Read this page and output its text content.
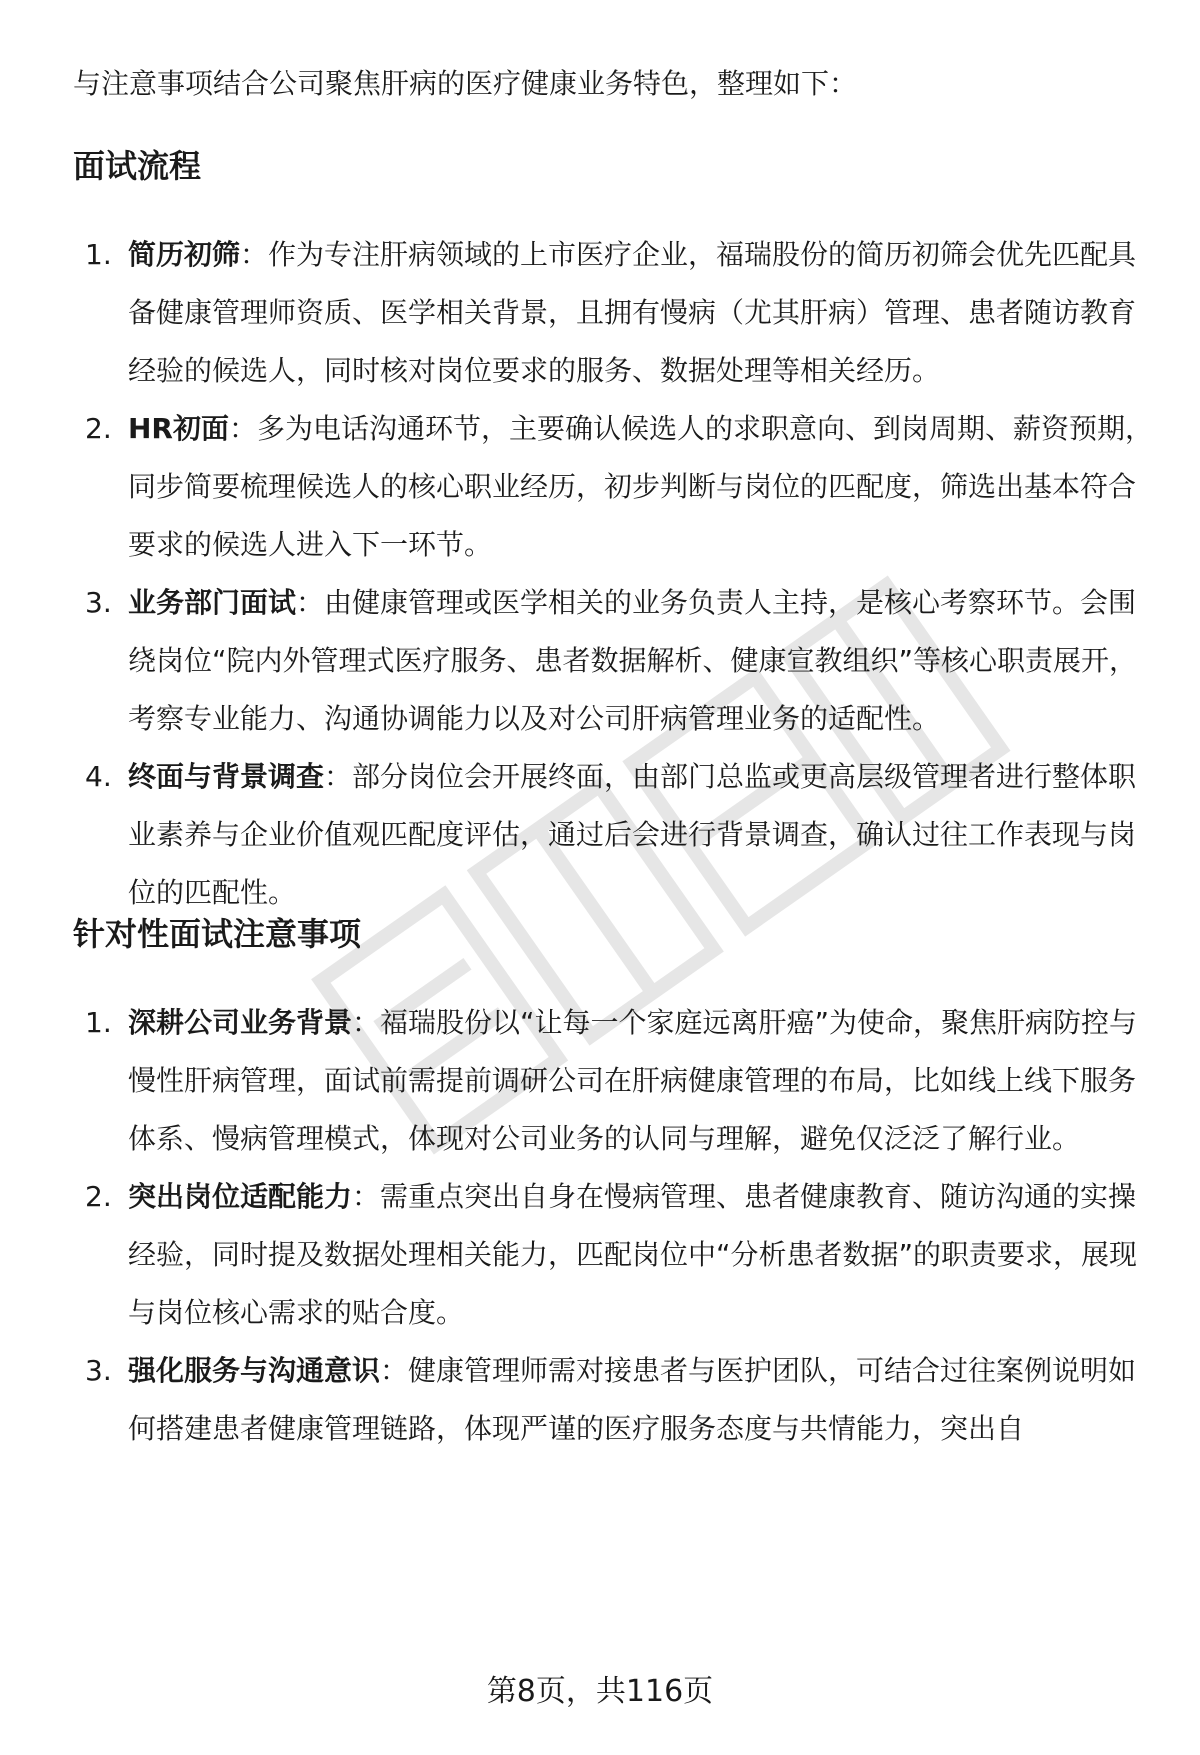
与注意事项结合公司聚焦肝病的医疗健康业务特色，整理如下：

面试流程
1. 简历初筛：作为专注肝病领域的上市医疗企业，福瑞股份的简历初筛会优先匹配具备健康管理师资质、医学相关背景，且拥有慢病（尤其肝病）管理、患者随访教育经验的候选人，同时核对岗位要求的服务、数据处理等相关经历。
2. HR初面：多为电话沟通环节，主要确认候选人的求职意向、到岗周期、薪资预期，同步简要梳理候选人的核心职业经历，初步判断与岗位的匹配度，筛选出基本符合要求的候选人进入下一环节。
3. 业务部门面试：由健康管理或医学相关的业务负责人主持，是核心考察环节。会围绕岗位“院内外管理式医疗服务、患者数据解析、健康宣教组织”等核心职责展开，考察专业能力、沟通协调能力以及对公司肝病管理业务的适配性。
4. 终面与背景调查：部分岗位会开展终面，由部门总监或更高层级管理者进行整体职业素养与企业价值观匹配度评估，通过后会进行背景调查，确认过往工作表现与岗位的匹配性。
针对性面试注意事项
1. 深耕公司业务背景：福瑞股份以“让每一个家庭远离肝癌”为使命，聚焦肝病防控与慢性肝病管理，面试前需提前调研公司在肝病健康管理的布局，比如线上线下服务体系、慢病管理模式，体现对公司业务的认同与理解，避免仅泛泛了解行业。
2. 突出岗位适配能力：需重点突出自身在慢病管理、患者健康教育、随访沟通的实操经验，同时提及数据处理相关能力，匹配岗位中“分析患者数据”的职责要求，展现与岗位核心需求的贴合度。
3. 强化服务与沟通意识：健康管理师需对接患者与医护团队，可结合过往案例说明如何搭建患者健康管理链路，体现严谨的医疗服务态度与共情能力，突出自
第8页，共116页
